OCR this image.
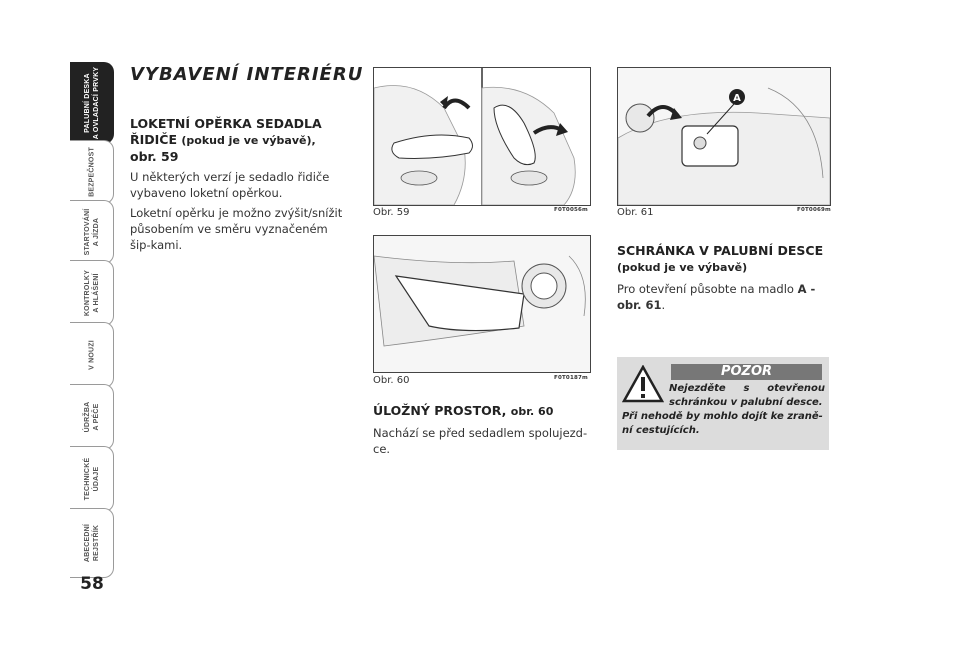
PALUBNÍ DESKA
A OVLADACÍ PRVKY
BEZPEČNOST
STARTOVÁNÍ
A JÍZDA
KONTROLKY
A HLÁŠENÍ
V NOUZI
ÚDRŽBA
A PÉČE
TECHNICKÉ
ÚDAJE
ABECEDNÍ
REJSTŘÍK
58
VYBAVENÍ INTERIÉRU
LOKETNÍ OPĚRKA SEDADLA ŘIDIČE (pokud je ve výbavě),
obr. 59

U některých verzí je sedadlo řidiče vybaveno loketní opěrkou.

Loketní opěrku je možno zvýšit/snížit působením ve směru vyznačeném šip-kami.

Obr. 59	F0T0056m
Obr. 60	F0T0187m
ÚLOŽNÝ PROSTOR, obr. 60

Nachází se před sedadlem spolujezd-ce.

A
Obr. 61	F0T0069m
SCHRÁNKA V PALUBNÍ DESCE (pokud je ve výbavě)

Pro otevření působte na madlo A - obr. 61.

POZOR
Nejezděte s otevřenou schránkou v palubní desce.
Při nehodě by mohlo dojít ke zraně-ní cestujících.
